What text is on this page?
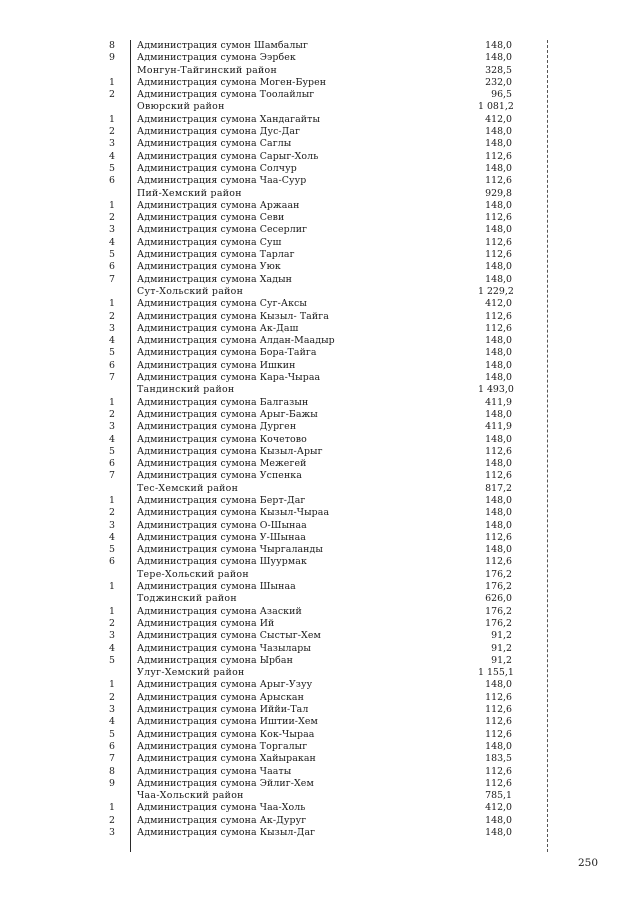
8	Администрация сумон Шамбалыг	148,0
9	Администрация сумона Ээрбек	148,0
Монгун-Тайгинский район	328,5
1	Администрация сумона Моген-Бурен	232,0
2	Администрация сумона Тоолайлыг	96,5
Овюрский район	1 081,2
1	Администрация сумона Хандагайты	412,0
2	Администрация сумона Дус-Даг	148,0
3	Администрация сумона Саглы	148,0
4	Администрация сумона Сарыг-Холь	112,6
5	Администрация сумона Солчур	148,0
6	Администрация сумона Чаа-Суур	112,6
Пий-Хемский район	929,8
1	Администрация сумона Аржаан	148,0
2	Администрация сумона Севи	112,6
3	Администрация сумона Сесерлиг	148,0
4	Администрация сумона Суш	112,6
5	Администрация сумона Тарлаг	112,6
6	Администрация сумона Уюк	148,0
7	Администрация сумона Хадын	148,0
Сут-Хольский район	1 229,2
1	Администрация сумона Суг-Аксы	412,0
2	Администрация сумона Кызыл- Тайга	112,6
3	Администрация сумона Ак-Даш	112,6
4	Администрация сумона Алдан-Маадыр	148,0
5	Администрация сумона Бора-Тайга	148,0
6	Администрация сумона Ишкин	148,0
7	Администрация сумона Кара-Чыраа	148,0
Тандинский район	1 493,0
1	Администрация сумона Балгазын	411,9
2	Администрация сумона Арыг-Бажы	148,0
3	Администрация сумона Дурген	411,9
4	Администрация сумона Кочетово	148,0
5	Администрация сумона Кызыл-Арыг	112,6
6	Администрация сумона Межегей	148,0
7	Администрация сумона Успенка	112,6
Тес-Хемский район	817,2
1	Администрация сумона Берт-Даг	148,0
2	Администрация сумона Кызыл-Чыраа	148,0
3	Администрация сумона О-Шынаа	148,0
4	Администрация сумона У-Шынаа	112,6
5	Администрация сумона Чыргаланды	148,0
6	Администрация сумона Шуурмак	112,6
Тере-Хольский район	176,2
1	Администрация сумона Шынаа	176,2
Тоджинский район	626,0
1	Администрация сумона Азаский	176,2
2	Администрация сумона Ий	176,2
3	Администрация сумона Сыстыг-Хем	91,2
4	Администрация сумона Чазылары	91,2
5	Администрация сумона Ырбан	91,2
Улуг-Хемский район	1 155,1
1	Администрация сумона Арыг-Узуу	148,0
2	Администрация сумона Арыскан	112,6
3	Администрация сумона Иййи-Тал	112,6
4	Администрация сумона Иштии-Хем	112,6
5	Администрация сумона Кок-Чыраа	112,6
6	Администрация сумона Торгалыг	148,0
7	Администрация сумона Хайыракан	183,5
8	Администрация сумона Чааты	112,6
9	Администрация сумона Эйлиг-Хем	112,6
Чаа-Хольский район	785,1
1	Администрация сумона Чаа-Холь	412,0
2	Администрация сумона Ак-Дуруг	148,0
3	Администрация сумона Кызыл-Даг	148,0
250
